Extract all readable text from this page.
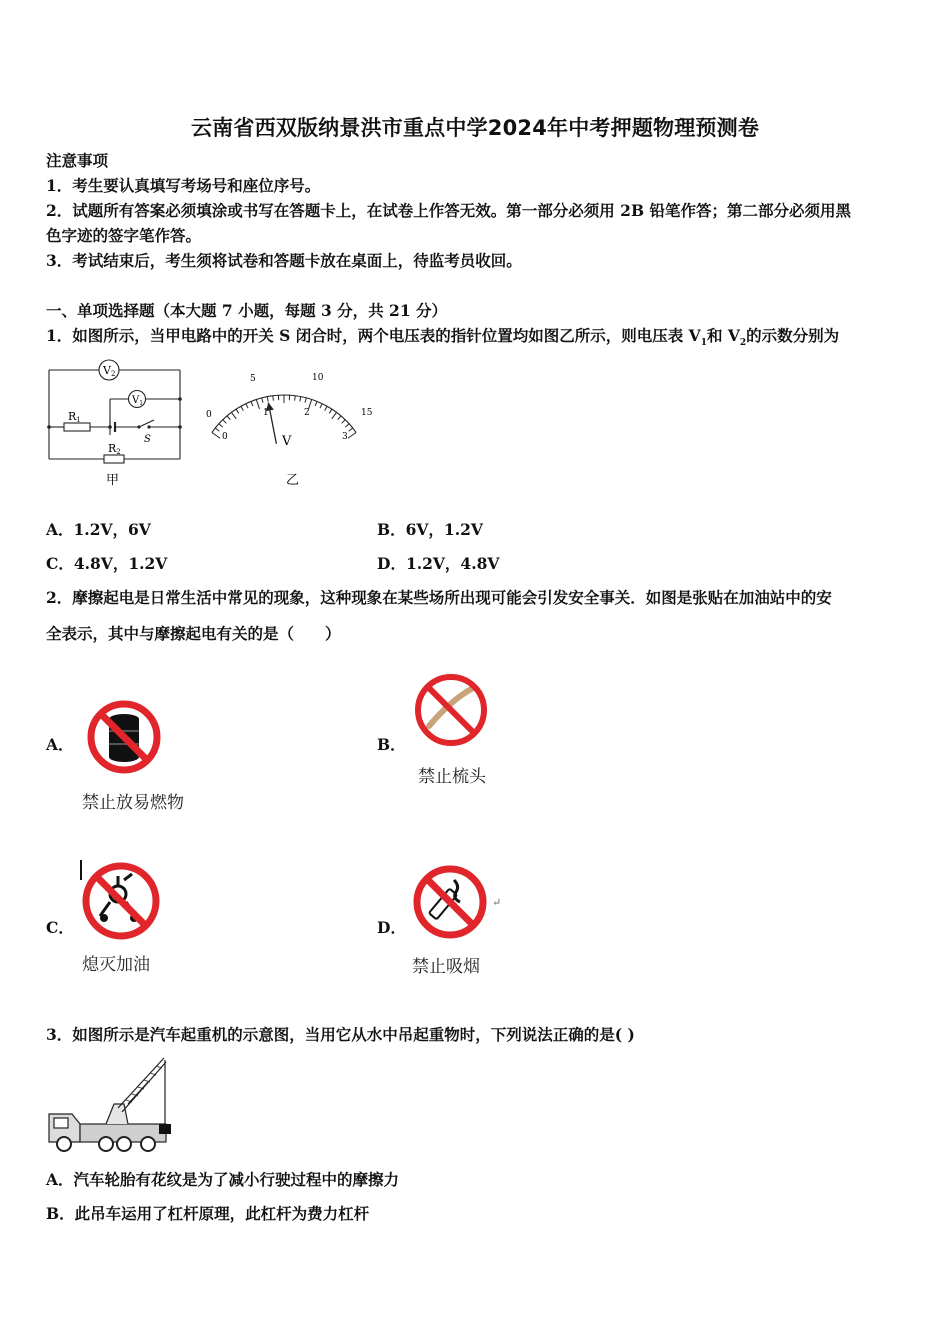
云南省西双版纳景洪市重点中学2024年中考押题物理预测卷
注意事项
1．考生要认真填写考场号和座位序号。
2．试题所有答案必须填涂或书写在答题卡上，在试卷上作答无效。第一部分必须用 2B 铅笔作答；第二部分必须用黑
色字迹的签字笔作答。
3．考试结束后，考生须将试卷和答题卡放在桌面上，待监考员收回。
一、单项选择题（本大题 7 小题，每题 3 分，共 21 分）
1．如图所示，当甲电路中的开关 S 闭合时，两个电压表的指针位置均如图乙所示，则电压表 $V_1$和 $V_2$的示数分别为
V2
$V_1$
R1
R2
S
甲
0
5	10
15
0
1	2
3
V
乙
A．1.2V，6V	B．6V，1.2V
C．4.8V，1.2V	D．1.2V，4.8V
2．摩擦起电是日常生活中常见的现象，这种现象在某些场所出现可能会引发安全事关．如图是张贴在加油站中的安
全表示，其中与摩擦起电有关的是（　　）
A．
禁止放易燃物
B．
禁止梳头
C．
熄灭加油
D．
↵
禁止吸烟
3．如图所示是汽车起重机的示意图，当用它从水中吊起重物时，下列说法正确的是( )
A．汽车轮胎有花纹是为了减小行驶过程中的摩擦力
B．此吊车运用了杠杆原理，此杠杆为费力杠杆
